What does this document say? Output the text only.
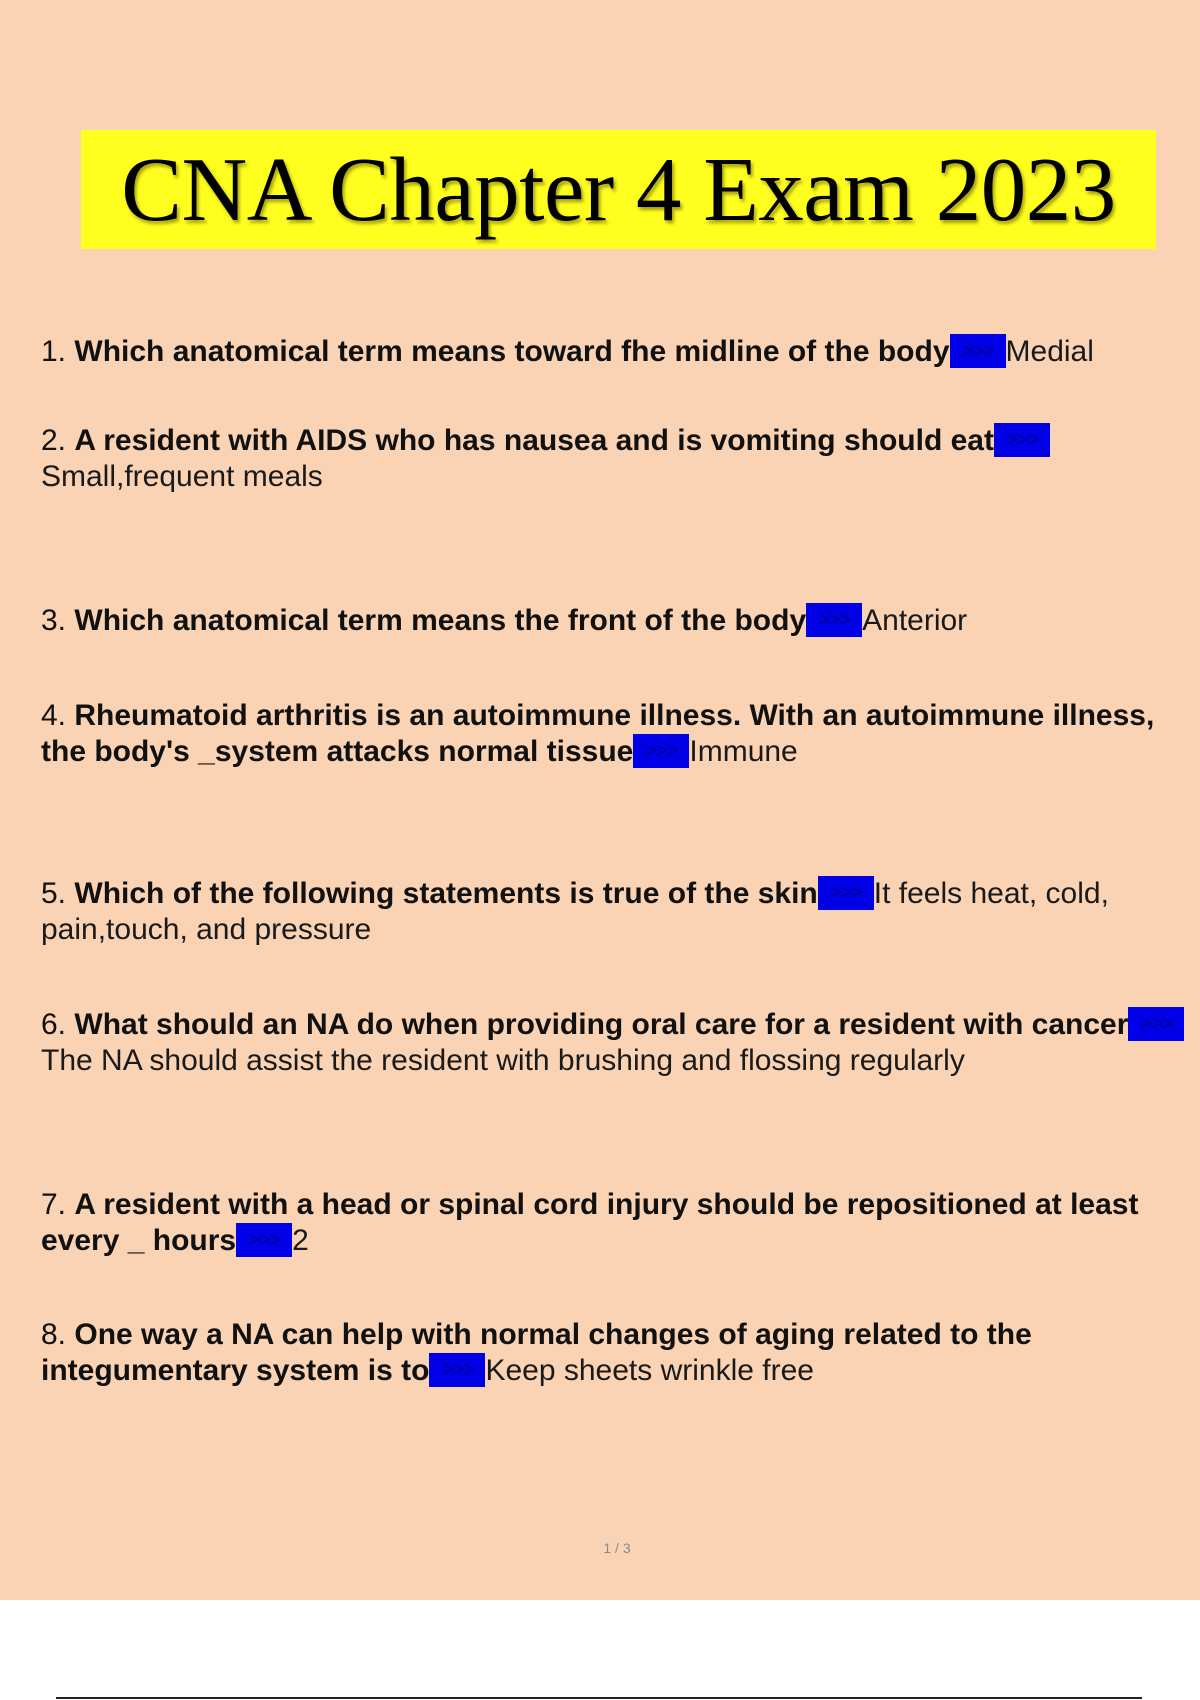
CNA Chapter 4 Exam 2023

1. Which anatomical term means toward fhe midline of the body >>> Medial

2. A resident with AIDS who has nausea and is vomiting should eat >>>Small,frequent meals

3. Which anatomical term means the front of the body >>> Anterior

4. Rheumatoid arthritis is an autoimmune illness. With an autoimmune illness, the body's _system attacks normal tissue >>> Immune

5. Which of the following statements is true of the skin >>> It feels heat, cold, pain,touch, and pressure

6. What should an NA do when providing oral care for a resident with cancer >>>The NA should assist the resident with brushing and flossing regularly

7. A resident with a head or spinal cord injury should be repositioned at least every _ hours >>> 2

8. One way a NA can help with normal changes of aging related to the integumentary system is to >>> Keep sheets wrinkle free

1 / 3
